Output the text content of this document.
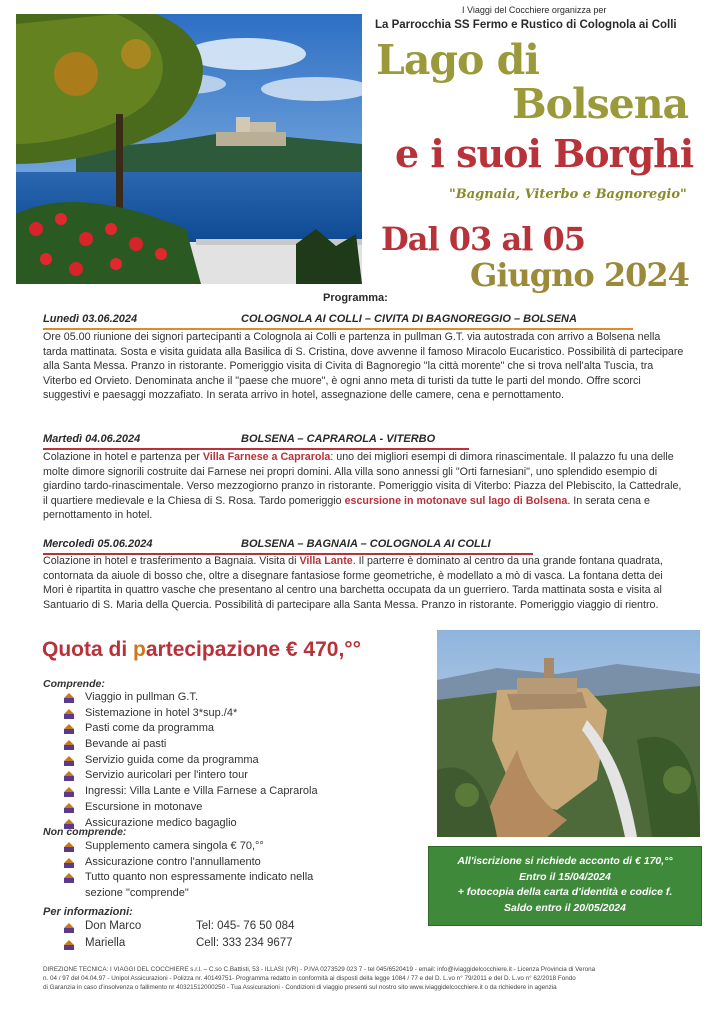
I Viaggi del Cocchiere organizza per
La Parrocchia SS Fermo e Rustico di Colognola ai Colli
Lago di
Bolsena
e i suoi Borghi
"Bagnaia, Viterbo e Bagnoregio"
Dal 03 al 05
Giugno 2024
Programma:
Lunedì 03.06.2024	COLOGNOLA AI COLLI – CIVITA DI BAGNOREGGIO – BOLSENA
Ore 05.00 riunione dei signori partecipanti a Colognola ai Colli e partenza in pullman G.T. via autostrada con arrivo a Bolsena nella tarda mattinata. Sosta e visita guidata alla Basilica di S. Cristina, dove avvenne il famoso Miracolo Eucaristico. Possibilità di partecipare alla Santa Messa. Pranzo in ristorante. Pomeriggio visita di Civita di Bagnoregio "la città morente" che si trova nell'alta Tuscia, tra Viterbo ed Orvieto. Denominata anche il "paese che muore", è ogni anno meta di turisti da tutte le parti del mondo. Offre scorci suggestivi e paesaggi mozzafiato. In serata arrivo in hotel, assegnazione delle camere, cena e pernottamento.
Martedì 04.06.2024	BOLSENA – CAPRAROLA - VITERBO
Colazione in hotel e partenza per Villa Farnese a Caprarola: uno dei migliori esempi di dimora rinascimentale. Il palazzo fu una delle molte dimore signorili costruite dai Farnese nei propri domini. Alla villa sono annessi gli "Orti farnesiani", uno splendido esempio di giardino tardo-rinascimentale. Verso mezzogiorno pranzo in ristorante. Pomeriggio visita di Viterbo: Piazza del Plebiscito, la Cattedrale, il quartiere medievale e la Chiesa di S. Rosa. Tardo pomeriggio escursione in motonave sul lago di Bolsena. In serata cena e pernottamento in hotel.
Mercoledì 05.06.2024	BOLSENA – BAGNAIA – COLOGNOLA AI COLLI
Colazione in hotel e trasferimento a Bagnaia. Visita di Villa Lante. Il parterre è dominato al centro da una grande fontana quadrata, contornata da aiuole di bosso che, oltre a disegnare fantasiose forme geometriche, è modellato a mò di vasca. La fontana detta dei Mori è ripartita in quattro vasche che presentano al centro una barchetta occupata da un guerriero. Tarda mattinata sosta e visita al Santuario di S. Maria della Quercia. Possibilità di partecipare alla Santa Messa. Pranzo in ristorante. Pomeriggio viaggio di rientro.
Quota di partecipazione € 470,°°
Comprende:
Viaggio in pullman G.T.
Sistemazione in hotel 3*sup./4*
Pasti come da programma
Bevande ai pasti
Servizio guida come da programma
Servizio auricolari per l'intero tour
Ingressi: Villa Lante e Villa Farnese a Caprarola
Escursione in motonave
Assicurazione medico bagaglio
Non comprende:
Supplemento camera singola € 70,°°
Assicurazione contro l'annullamento
Tutto quanto non espressamente indicato nella
sezione "comprende"
Per informazioni:
Don Marco	Tel: 045- 76 50 084
Mariella	Cell: 333 234 9677
All'iscrizione si richiede acconto di € 170,°°
Entro il 15/04/2024
+ fotocopia della carta d'identità e codice f.
Saldo entro il 20/05/2024
DIREZIONE TECNICA: I VIAGGI DEL COCCHIERE s.r.l. – C.so C.Battisti, 53 - ILLASI (VR) - P.IVA 0273529 023 7 - tel 045/6520419 - email: info@iviaggidelcocchiere.it - Licenza Provincia di Verona
n. 04 / 97 del 04.04.97 - Unipol Assicurazioni - Polizza nr. 40149751- Programma redatto in conformità ai disposti della legge 1084 / 77 e del D. L.vo n° 79/2011 e del D. L.vo n° 62/2018 Fondo
di Garanzia in caso d'insolvenza o fallimento nr 40321512000250 - Tua Assicurazioni - Condizioni di viaggio presenti sul nostro sito www.iviaggidelcocchiere.it o da richiedere in agenzia
